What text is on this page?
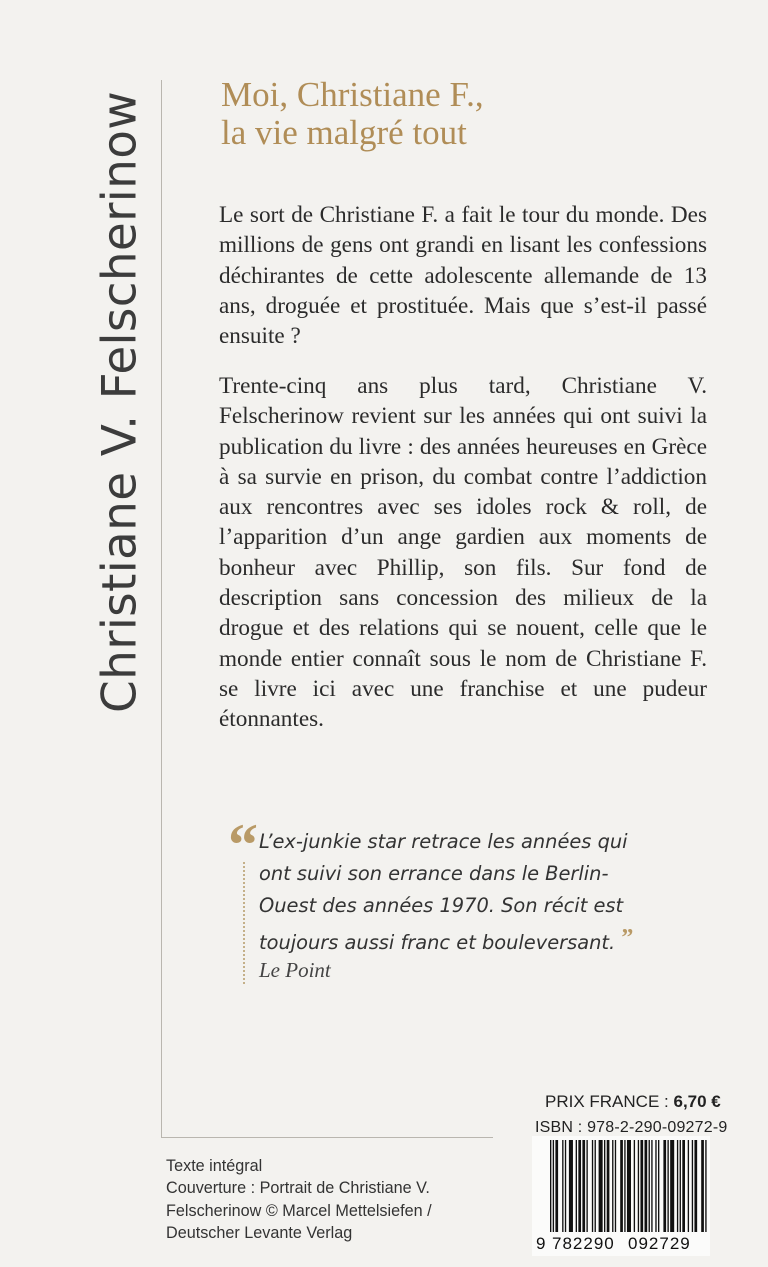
Christiane V. Felscherinow Moi, Christiane F.,
la vie malgré tout

Le sort de Christiane F. a fait le tour du monde. Des millions de gens ont grandi en lisant les confessions déchirantes de cette adolescente allemande de 13 ans, droguée et prostituée. Mais que s’est-il passé ensuite ?

Trente-cinq ans plus tard, Christiane V. Felscherinow revient sur les années qui ont suivi la publication du livre : des années heureuses en Grèce à sa survie en prison, du combat contre l’addiction aux rencontres avec ses idoles rock & roll, de l’apparition d’un ange gardien aux moments de bonheur avec Phillip, son fils. Sur fond de description sans concession des milieux de la drogue et des relations qui se nouent, celle que le monde entier connaît sous le nom de Christiane F. se livre ici avec une franchise et une pudeur étonnantes.

“ L’ex-junkie star retrace les années qui ont suivi son errance dans le Berlin-Ouest des années 1970. Son récit est toujours aussi franc et bouleversant. ”
Le Point
PRIX FRANCE : 6,70 €
ISBN : 978-2-290-09272-9
9 782290 092729
Texte intégral
Couverture : Portrait de Christiane V.
Felscherinow © Marcel Mettelsiefen /
Deutscher Levante Verlag
